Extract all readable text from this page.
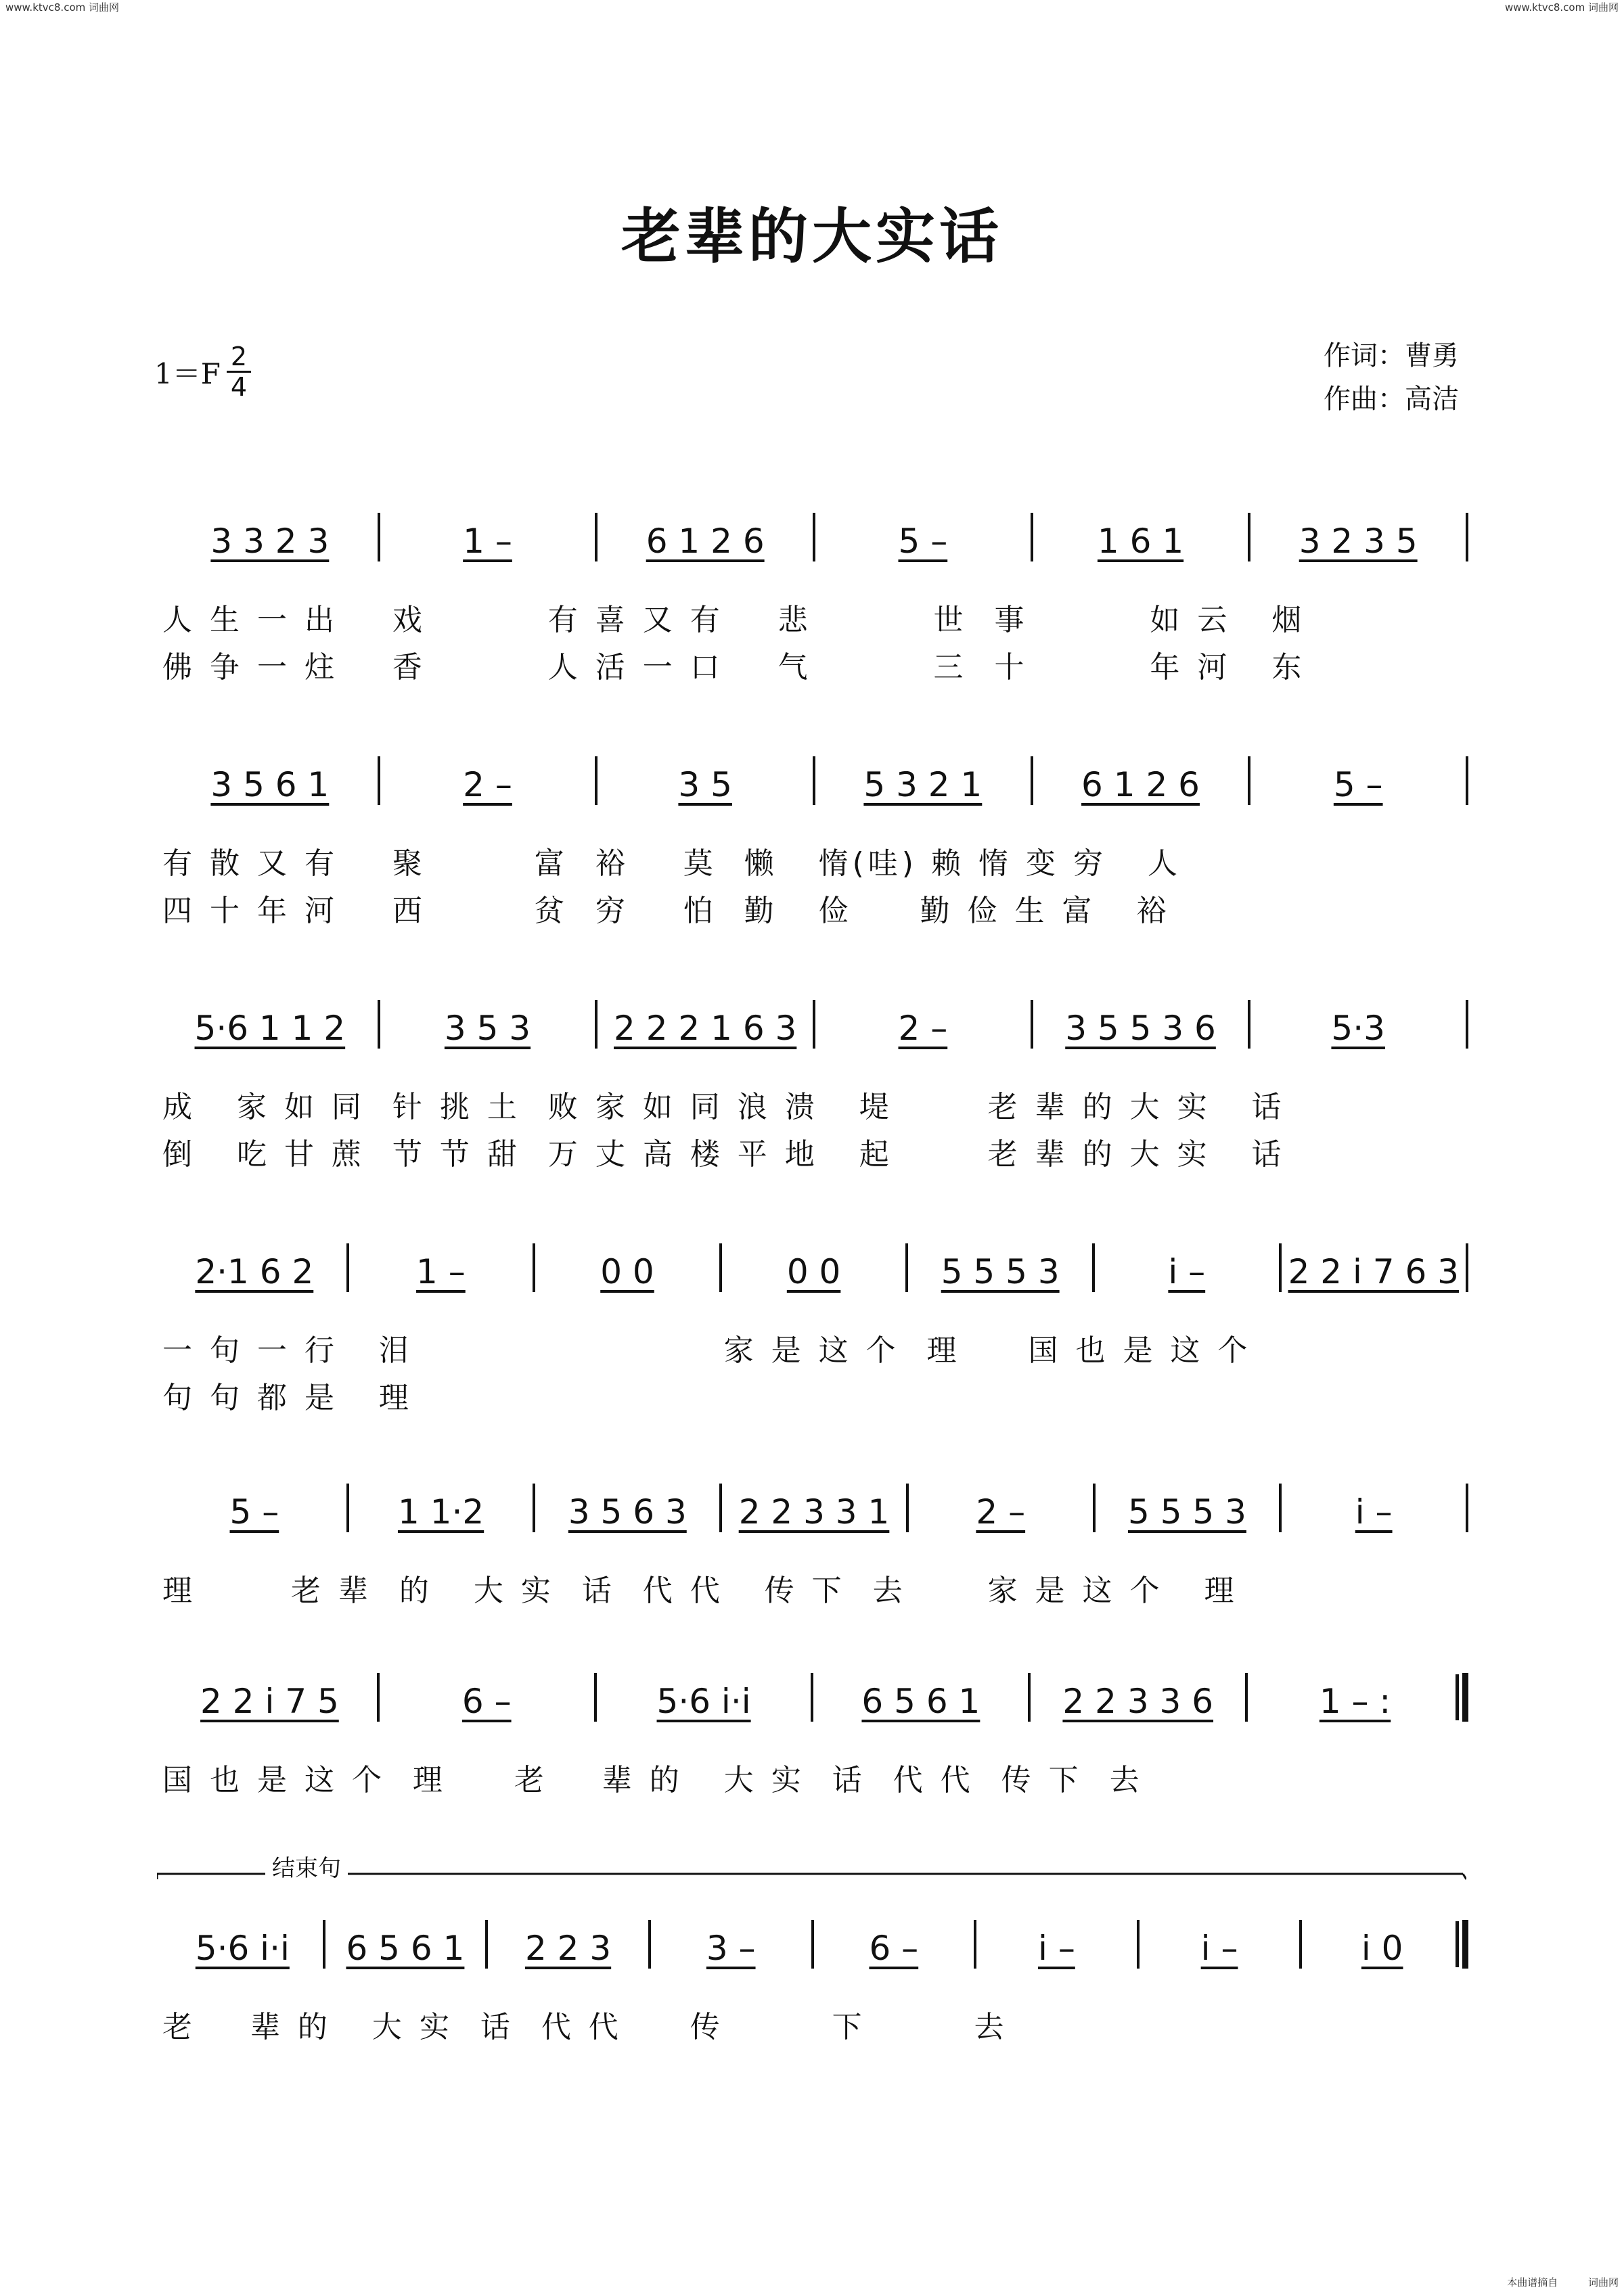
www.ktvc8.com 词曲网	www.ktvc8.com 词曲网
老辈的大实话
$1=F \frac{2}{4}$	作词：曹勇
作曲：高洁
3 3 2 3	1 –	6 1 2 6	5 –	1 6 1	3 2 3 5
人 生 一 出    戏         有 喜 又 有    悲         世  事         如 云   烟
佛 争 一 炷    香         人 活 一 口    气         三  十         年 河   东
3 5 6 1	2 –	3 5	5 3 2 1	6 1 2 6	5 –
有 散 又 有    聚        富  裕    莫  懒   惰(哇) 赖 惰 变 穷   人
四 十 年 河    西        贫  穷    怕  勤   俭     勤 俭 生 富   裕
5·6 1 1 2	3 5 3	2 2 2 1 6 3	2 –	3 5 5 3 6	5·3
成   家 如 同  针 挑 土  败 家 如 同 浪 溃   堤       老 辈 的 大 实   话
倒   吃 甘 蔗  节 节 甜  万 丈 高 楼 平 地   起       老 辈 的 大 实   话
2·1 6 2	1 –	0 0	0 0	5 5 5 3	i –	2 2 i 7 6 3
一 句 一 行   泪                       家 是 这 个  理     国 也 是 这 个
句 句 都 是   理
5 –	1 1·2	3 5 6 3	2 2 3 3 1	2 –	5 5 5 3	i –
理       老 辈  的   大 实  话  代 代   传 下  去      家 是 这 个   理
2 2 i 7 5	6 –	5·6 i·i	6 5 6 1	2 2 3 3 6	1 – :
国 也 是 这 个  理     老    辈 的   大 实  话  代 代  传 下  去
5·6 i·i	6 5 6 1	2 2 3	3 –	6 –	i –	i –	i 0
老    辈 的   大 实  话  代 代     传        下        去
结束句
本曲谱摘自	词曲网
